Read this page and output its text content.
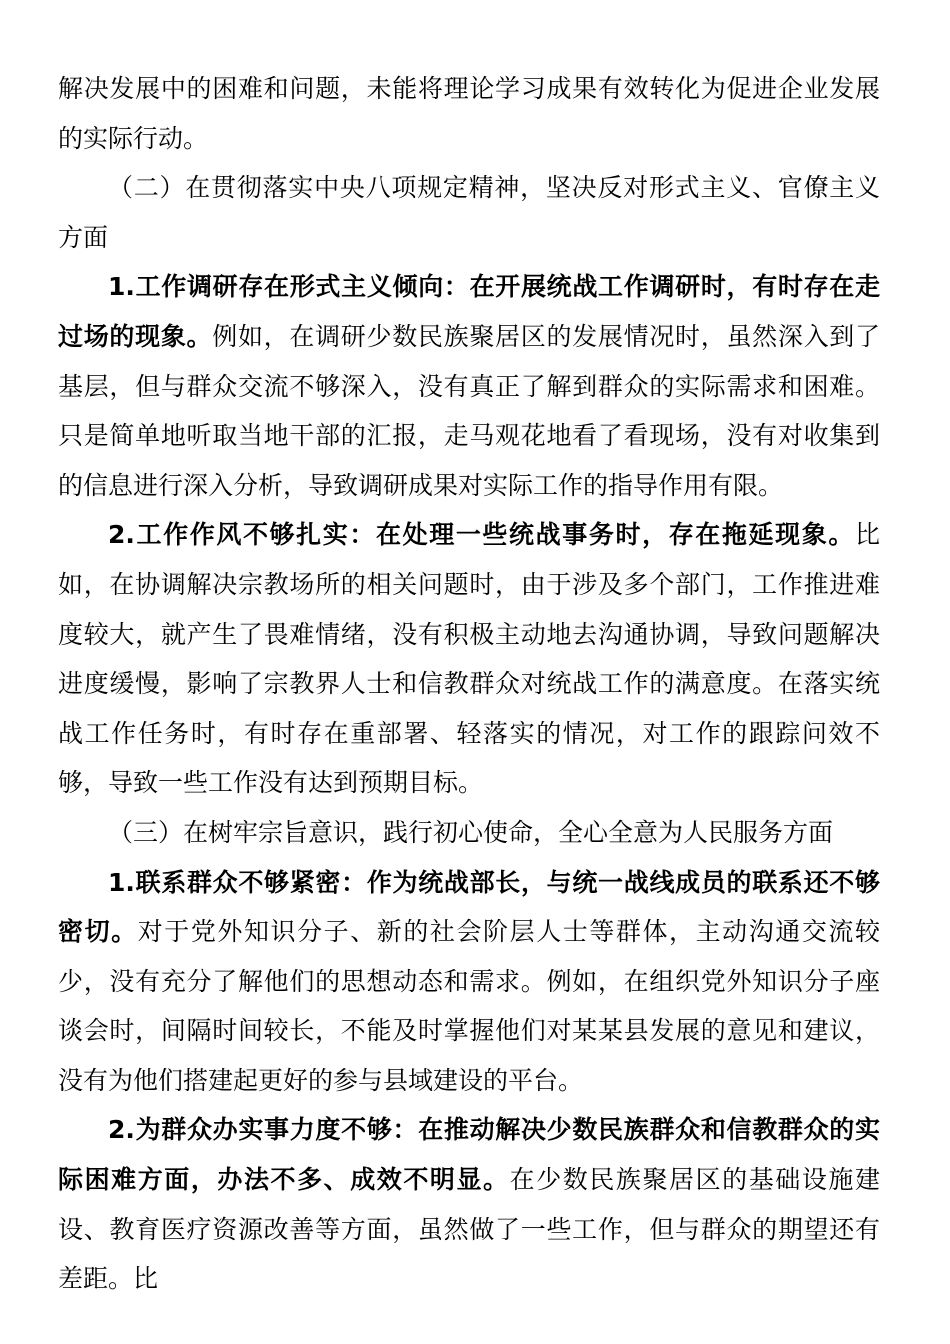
解决发展中的困难和问题，未能将理论学习成果有效转化为促进企业发展的实际行动。

（二）在贯彻落实中央八项规定精神，坚决反对形式主义、官僚主义方面

1.工作调研存在形式主义倾向：在开展统战工作调研时，有时存在走过场的现象。例如，在调研少数民族聚居区的发展情况时，虽然深入到了基层，但与群众交流不够深入，没有真正了解到群众的实际需求和困难。只是简单地听取当地干部的汇报，走马观花地看了看现场，没有对收集到的信息进行深入分析，导致调研成果对实际工作的指导作用有限。

2.工作作风不够扎实：在处理一些统战事务时，存在拖延现象。比如，在协调解决宗教场所的相关问题时，由于涉及多个部门，工作推进难度较大，就产生了畏难情绪，没有积极主动地去沟通协调，导致问题解决进度缓慢，影响了宗教界人士和信教群众对统战工作的满意度。在落实统战工作任务时，有时存在重部署、轻落实的情况，对工作的跟踪问效不够，导致一些工作没有达到预期目标。

（三）在树牢宗旨意识，践行初心使命，全心全意为人民服务方面

1.联系群众不够紧密：作为统战部长，与统一战线成员的联系还不够密切。对于党外知识分子、新的社会阶层人士等群体，主动沟通交流较少，没有充分了解他们的思想动态和需求。例如，在组织党外知识分子座谈会时，间隔时间较长，不能及时掌握他们对某某县发展的意见和建议，没有为他们搭建起更好的参与县域建设的平台。

2.为群众办实事力度不够：在推动解决少数民族群众和信教群众的实际困难方面，办法不多、成效不明显。在少数民族聚居区的基础设施建设、教育医疗资源改善等方面，虽然做了一些工作，但与群众的期望还有差距。比
